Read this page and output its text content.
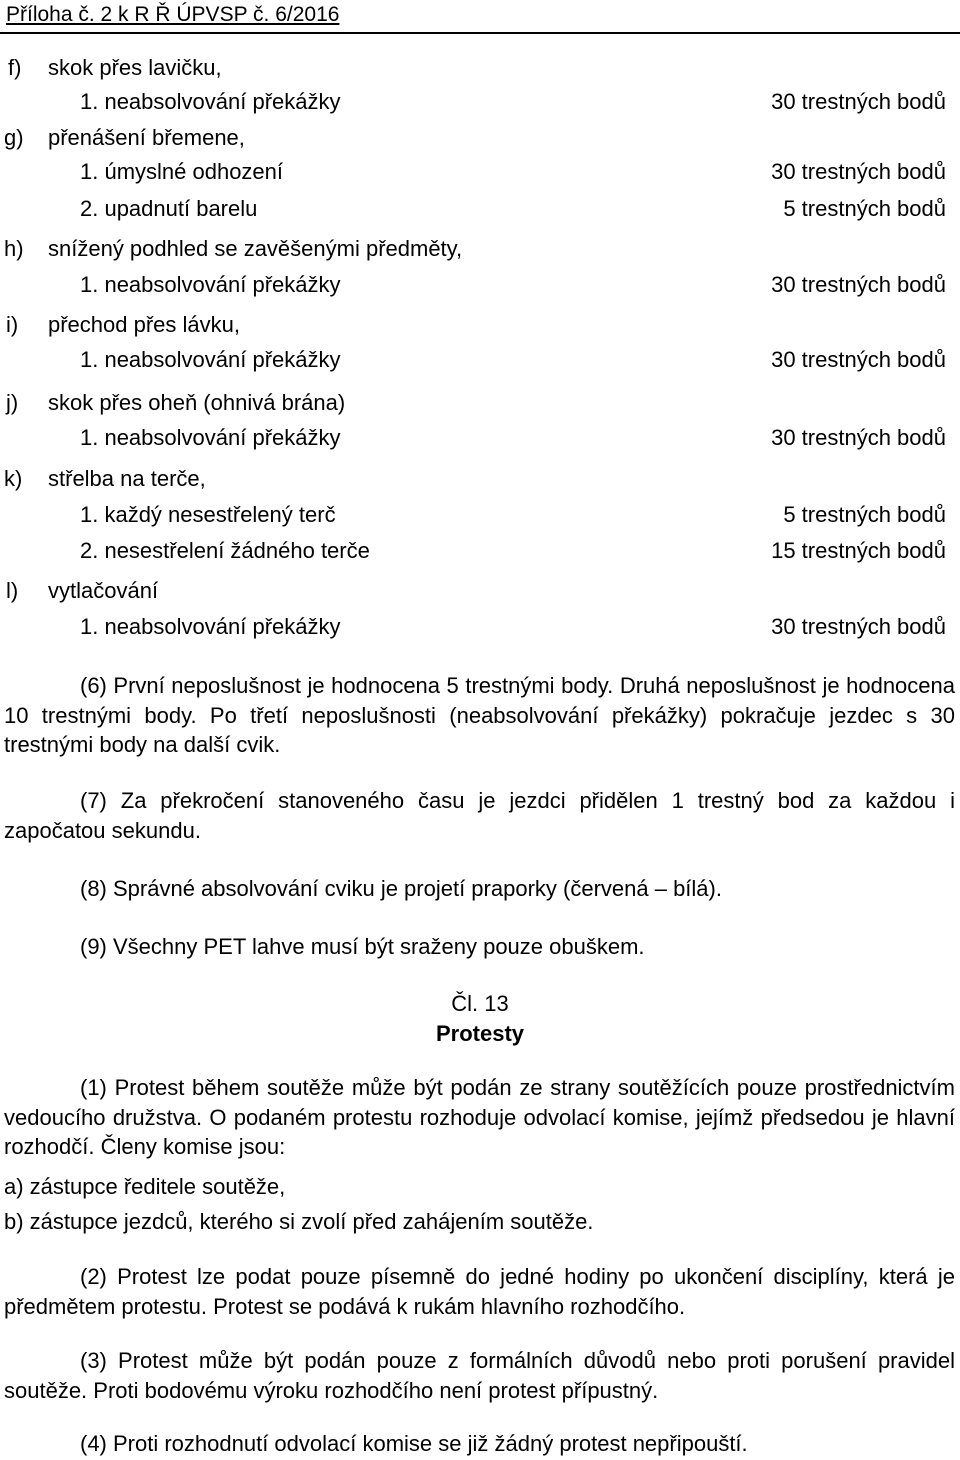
Příloha č. 2 k R Ř ÚPVSP č. 6/2016
f) skok přes lavičku,
1. neabsolvování překážky	30 trestných bodů
g) přenášení břemene,
1. úmyslné odhození	30 trestných bodů
2. upadnutí barelu	5 trestných bodů
h) snížený podhled se zavěšenými předměty,
1. neabsolvování překážky	30 trestných bodů
i) přechod přes lávku,
1. neabsolvování překážky	30 trestných bodů
j) skok přes oheň (ohnivá brána)
1. neabsolvování překážky	30 trestných bodů
k) střelba na terče,
1. každý nesestřelený terč	5 trestných bodů
2. nesestřelení žádného terče	15 trestných bodů
l) vytlačování
1. neabsolvování překážky	30 trestných bodů

(6) První neposlušnost je hodnocena 5 trestnými body. Druhá neposlušnost je hodnocena 10 trestnými body. Po třetí neposlušnosti (neabsolvování překážky) pokračuje jezdec s 30 trestnými body na další cvik.

(7) Za překročení stanoveného času je jezdci přidělen 1 trestný bod za každou i započatou sekundu.

(8) Správné absolvování cviku je projetí praporky (červená – bílá).

(9) Všechny PET lahve musí být sraženy pouze obuškem.

Čl. 13
Protesty

(1) Protest během soutěže může být podán ze strany soutěžících pouze prostřednictvím vedoucího družstva. O podaném protestu rozhoduje odvolací komise, jejímž předsedou je hlavní rozhodčí. Členy komise jsou:

a) zástupce ředitele soutěže,
b) zástupce jezdců, kterého si zvolí před zahájením soutěže.

(2) Protest lze podat pouze písemně do jedné hodiny po ukončení disciplíny, která je předmětem protestu. Protest se podává k rukám hlavního rozhodčího.

(3) Protest může být podán pouze z formálních důvodů nebo proti porušení pravidel soutěže. Proti bodovému výroku rozhodčího není protest přípustný.

(4) Proti rozhodnutí odvolací komise se již žádný protest nepřipouští.
